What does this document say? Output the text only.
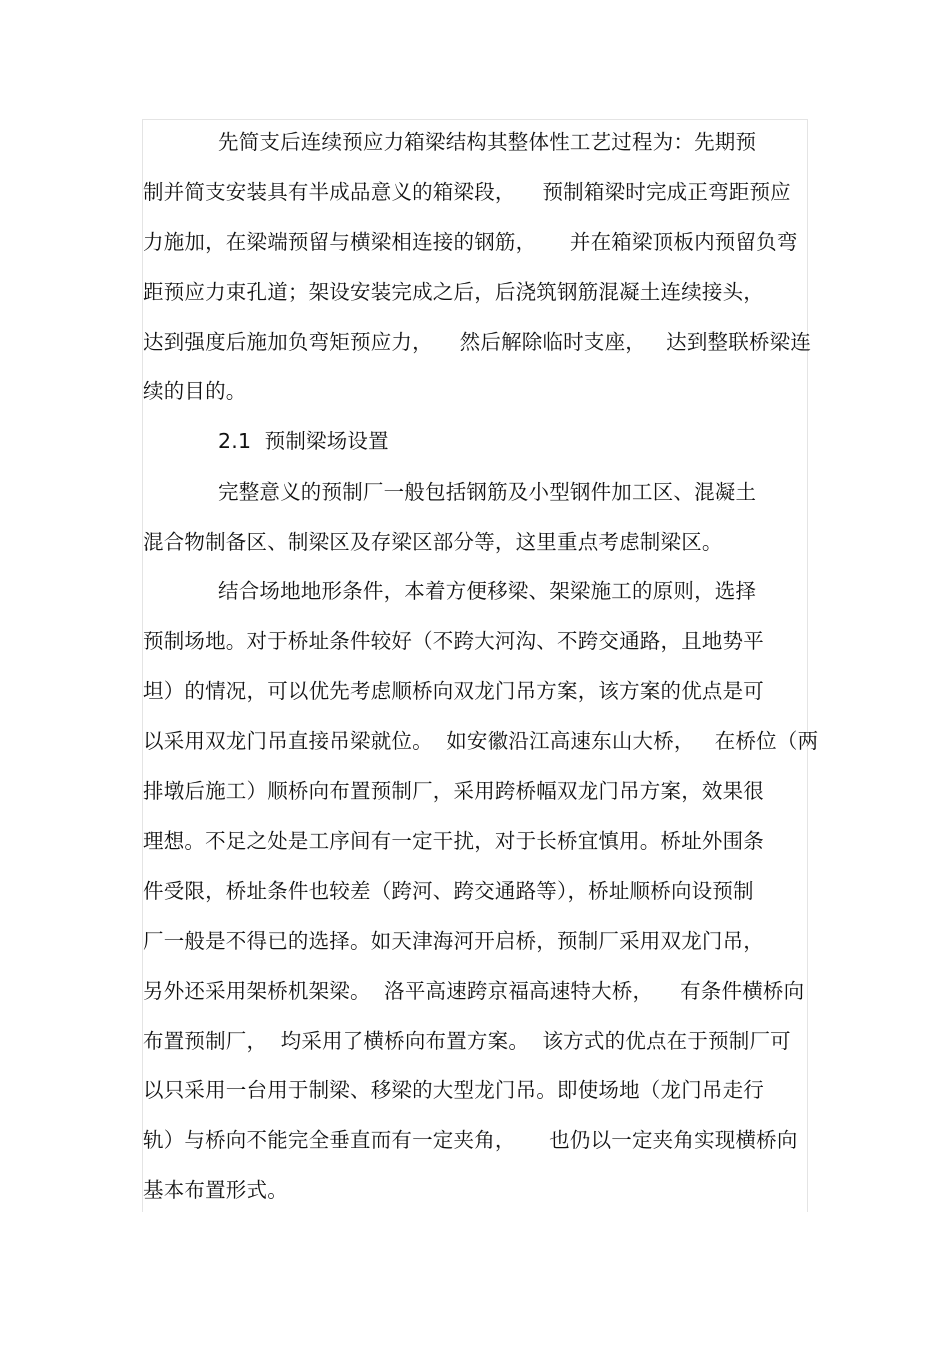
先简支后连续预应力箱梁结构其整体性工艺过程为：先期预
制并简支安装具有半成品意义的箱梁段，    预制箱梁时完成正弯距预应
力施加，在梁端预留与横梁相连接的钢筋，     并在箱梁顶板内预留负弯
距预应力束孔道；架设安装完成之后，后浇筑钢筋混凝土连续接头，
达到强度后施加负弯矩预应力，    然后解除临时支座，   达到整联桥梁连
续的目的。
2.1  预制梁场设置
完整意义的预制厂一般包括钢筋及小型钢件加工区、混凝土
混合物制备区、制梁区及存梁区部分等，这里重点考虑制梁区。
结合场地地形条件，本着方便移梁、架梁施工的原则，选择
预制场地。对于桥址条件较好（不跨大河沟、不跨交通路，且地势平
坦）的情况，可以优先考虑顺桥向双龙门吊方案，该方案的优点是可
以采用双龙门吊直接吊梁就位。  如安徽沿江高速东山大桥，   在桥位（两
排墩后施工）顺桥向布置预制厂，采用跨桥幅双龙门吊方案，效果很
理想。不足之处是工序间有一定干扰，对于长桥宜慎用。桥址外围条
件受限，桥址条件也较差（跨河、跨交通路等），桥址顺桥向设预制
厂一般是不得已的选择。如天津海河开启桥，预制厂采用双龙门吊，
另外还采用架桥机架梁。  洛平高速跨京福高速特大桥，    有条件横桥向
布置预制厂，  均采用了横桥向布置方案。  该方式的优点在于预制厂可
以只采用一台用于制梁、移梁的大型龙门吊。即使场地（龙门吊走行
轨）与桥向不能完全垂直而有一定夹角，     也仍以一定夹角实现横桥向
基本布置形式。
